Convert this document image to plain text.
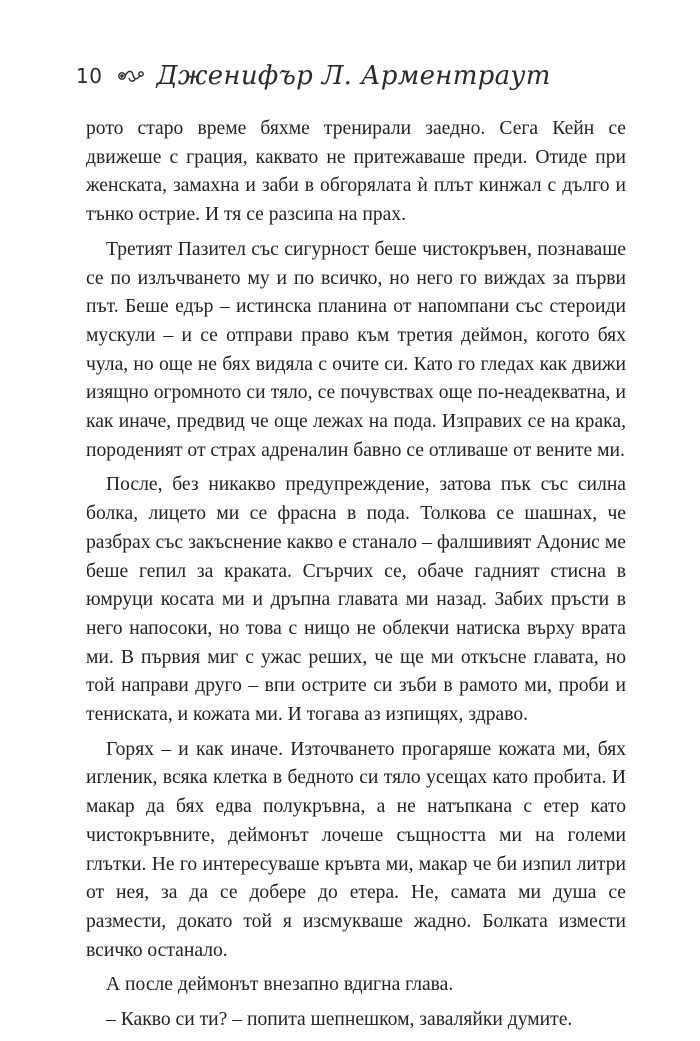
10 Дженифър Л. Арментраут

рото старо време бяхме тренирали заедно. Сега Кейн се движеше с грация, каквато не притежаваше преди. Отиде при женската, замахна и заби в обгорялата ѝ плът кинжал с дълго и тънко острие. И тя се разсипа на прах.

Третият Пазител със сигурност беше чистокръвен, познаваше се по излъчването му и по всичко, но него го виждах за първи път. Беше едър – истинска планина от напомпани със стероиди мускули – и се отправи право към третия деймон, когото бях чула, но още не бях видяла с очите си. Като го гледах как движи изящно огромното си тяло, се почувствах още по-неадекватна, и как иначе, предвид че още лежах на пода. Изправих се на крака, породеният от страх адреналин бавно се отливаше от вените ми.

После, без никакво предупреждение, затова пък със силна болка, лицето ми се фрасна в пода. Толкова се шашнах, че разбрах със закъснение какво е станало – фалшивият Адонис ме беше гепил за краката. Сгърчих се, обаче гадният стисна в юмруци косата ми и дръпна главата ми назад. Забих пръсти в него напосоки, но това с нищо не облекчи натиска върху врата ми. В първия миг с ужас реших, че ще ми откъсне главата, но той направи друго – впи острите си зъби в рамото ми, проби и тениската, и кожата ми. И тогава аз изпищях, здраво.

Горях – и как иначе. Източването прогаряше кожата ми, бях игленик, всяка клетка в бедното си тяло усещах като пробита. И макар да бях едва полукръвна, а не натъпкана с етер като чистокръвните, деймонът лочеше същността ми на големи глътки. Не го интересуваше кръвта ми, макар че би изпил литри от нея, за да се добере до етера. Не, самата ми душа се размести, докато той я изсмукваше жадно. Болката измести всичко останало.

А после деймонът внезапно вдигна глава.

– Какво си ти? – попита шепнешком, заваляйки думите.
